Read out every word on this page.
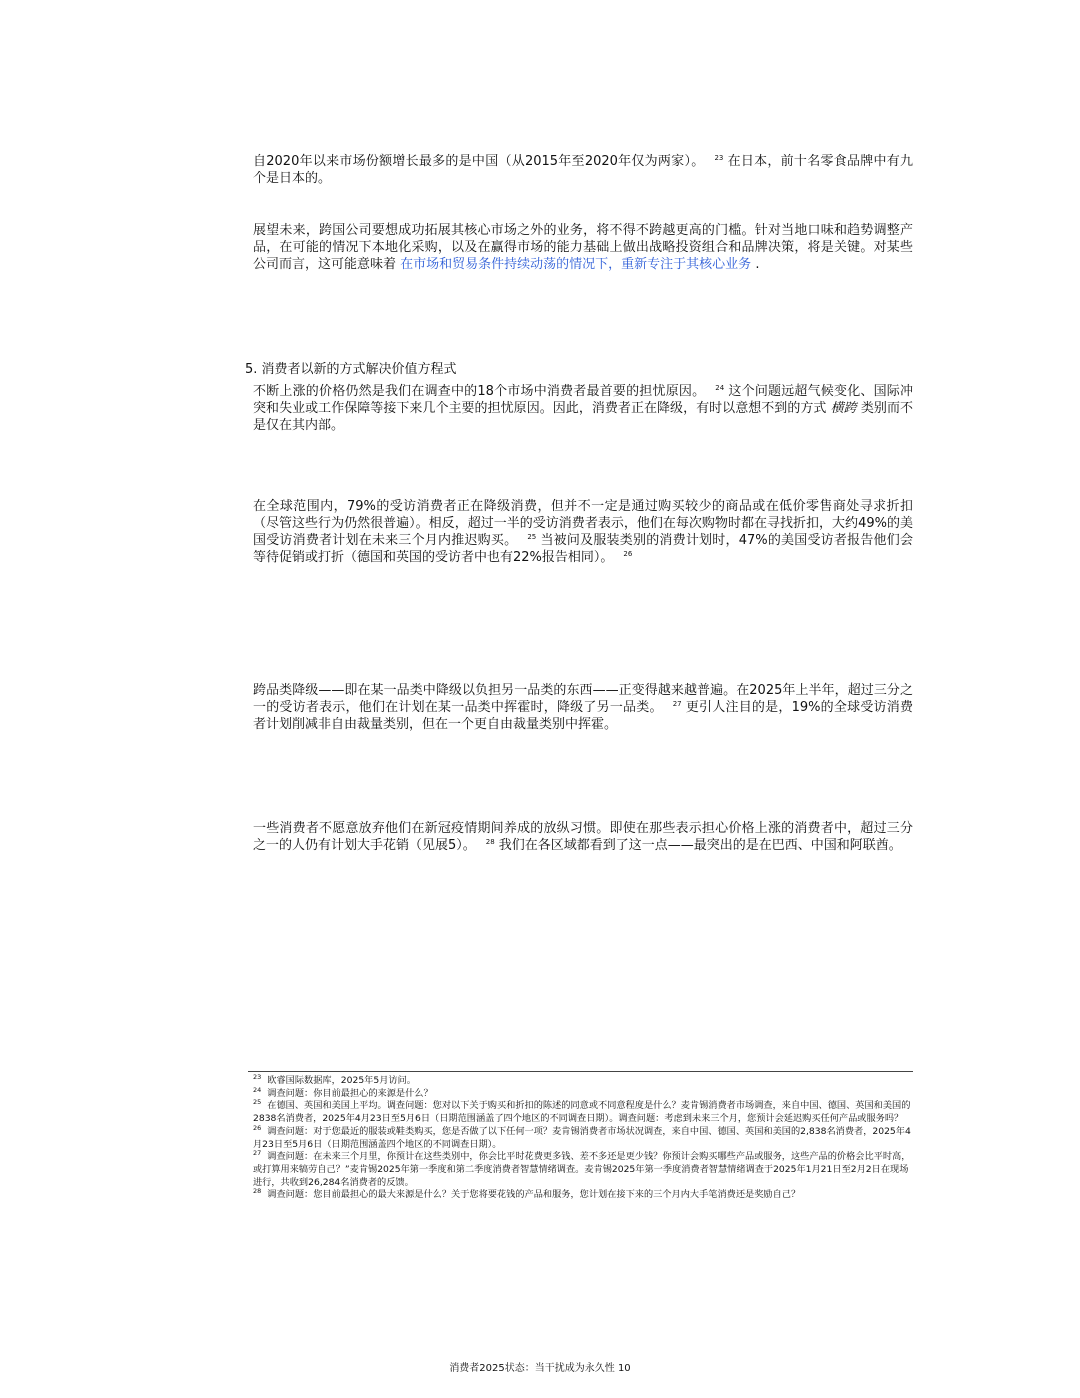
自2020年以来市场份额增长最多的是中国（从2015年至2020年仅为两家）。 $^{23}$ 在日本，前十名零食品牌中有九个是日本的。

展望未来，跨国公司要想成功拓展其核心市场之外的业务，将不得不跨越更高的门槛。针对当地口味和趋势调整产品，在可能的情况下本地化采购，以及在赢得市场的能力基础上做出战略投资组合和品牌决策，将是关键。对某些公司而言，这可能意味着 在市场和贸易条件持续动荡的情况下，重新专注于其核心业务 .

5. 消费者以新的方式解决价值方程式

不断上涨的价格仍然是我们在调查中的18个市场中消费者最首要的担忧原因。 $^{24}$ 这个问题远超气候变化、国际冲突和失业或工作保障等接下来几个主要的担忧原因。因此，消费者正在降级，有时以意想不到的方式 横跨 类别而不是仅在其内部。

在全球范围内，79%的受访消费者正在降级消费，但并不一定是通过购买较少的商品或在低价零售商处寻求折扣（尽管这些行为仍然很普遍）。相反，超过一半的受访消费者表示，他们在每次购物时都在寻找折扣，大约49%的美国受访消费者计划在未来三个月内推迟购买。 $^{25}$ 当被问及服装类别的消费计划时，47%的美国受访者报告他们会等待促销或打折（德国和英国的受访者中也有22%报告相同）。 $^{26}$

跨品类降级——即在某一品类中降级以负担另一品类的东西——正变得越来越普遍。在2025年上半年，超过三分之一的受访者表示，他们在计划在某一品类中挥霍时，降级了另一品类。 $^{27}$ 更引人注目的是，19%的全球受访消费者计划削减非自由裁量类别，但在一个更自由裁量类别中挥霍。

一些消费者不愿意放弃他们在新冠疫情期间养成的放纵习惯。即使在那些表示担心价格上涨的消费者中，超过三分之一的人仍有计划大手花销（见展5）。 $^{28}$ 我们在各区域都看到了这一点——最突出的是在巴西、中国和阿联酋。

$^{23}$ 欧睿国际数据库，2025年5月访问。

$^{24}$ 调查问题：你目前最担心的来源是什么？

$^{25}$ 在德国、英国和美国上平均。调查问题：您对以下关于购买和折扣的陈述的同意或不同意程度是什么？麦肯锡消费者市场调查，来自中国、德国、英国和美国的2838名消费者，2025年4月23日至5月6日（日期范围涵盖了四个地区的不同调查日期）。调查问题：考虑到未来三个月，您预计会延迟购买任何产品或服务吗？

$^{26}$ 调查问题：对于您最近的服装或鞋类购买，您是否做了以下任何一项？麦肯锡消费者市场状况调查，来自中国、德国、英国和美国的2,838名消费者，2025年4月23日至5月6日（日期范围涵盖四个地区的不同调查日期）。

$^{27}$ 调查问题：在未来三个月里，你预计在这些类别中，你会比平时花费更多钱、差不多还是更少钱？你预计会购买哪些产品或服务，这些产品的价格会比平时高，或打算用来犒劳自己？”麦肯锡2025年第一季度和第二季度消费者智慧情绪调查。麦肯锡2025年第一季度消费者智慧情绪调查于2025年1月21日至2月2日在现场进行，共收到26,284名消费者的反馈。

$^{28}$ 调查问题：您目前最担心的最大来源是什么？关于您将要花钱的产品和服务，您计划在接下来的三个月内大手笔消费还是奖励自己？

消费者2025状态：当干扰成为永久性 10
